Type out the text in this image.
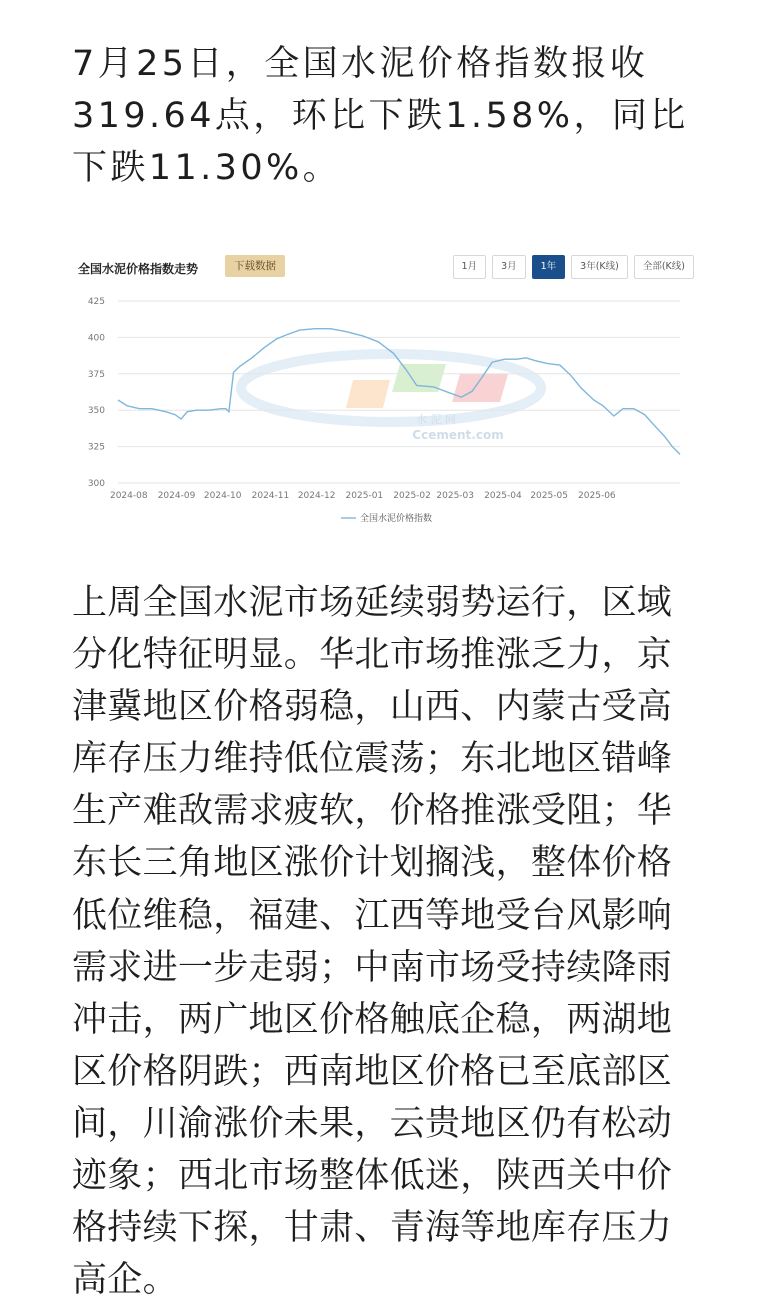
7月25日，全国水泥价格指数报收319.64点，环比下跌1.58%，同比下跌11.30%。

全国水泥价格指数走势	下载数据	1月	3月	1年	3年(K线)	全部(K线)
水 泥 网
Ccement.com
300
325
350
375
400
425
2024-08 2024-09 2024-10 2024-11 2024-12 2025-01 2025-02 2025-03 2025-04 2025-05 2025-06
全国水泥价格指数

上周全国水泥市场延续弱势运行，区域分化特征明显。华北市场推涨乏力，京津冀地区价格弱稳，山西、内蒙古受高库存压力维持低位震荡；东北地区错峰生产难敌需求疲软，价格推涨受阻；华东长三角地区涨价计划搁浅，整体价格低位维稳，福建、江西等地受台风影响需求进一步走弱；中南市场受持续降雨冲击，两广地区价格触底企稳，两湖地区价格阴跌；西南地区价格已至底部区间，川渝涨价未果，云贵地区仍有松动迹象；西北市场整体低迷，陕西关中价格持续下探，甘肃、青海等地库存压力高企。
